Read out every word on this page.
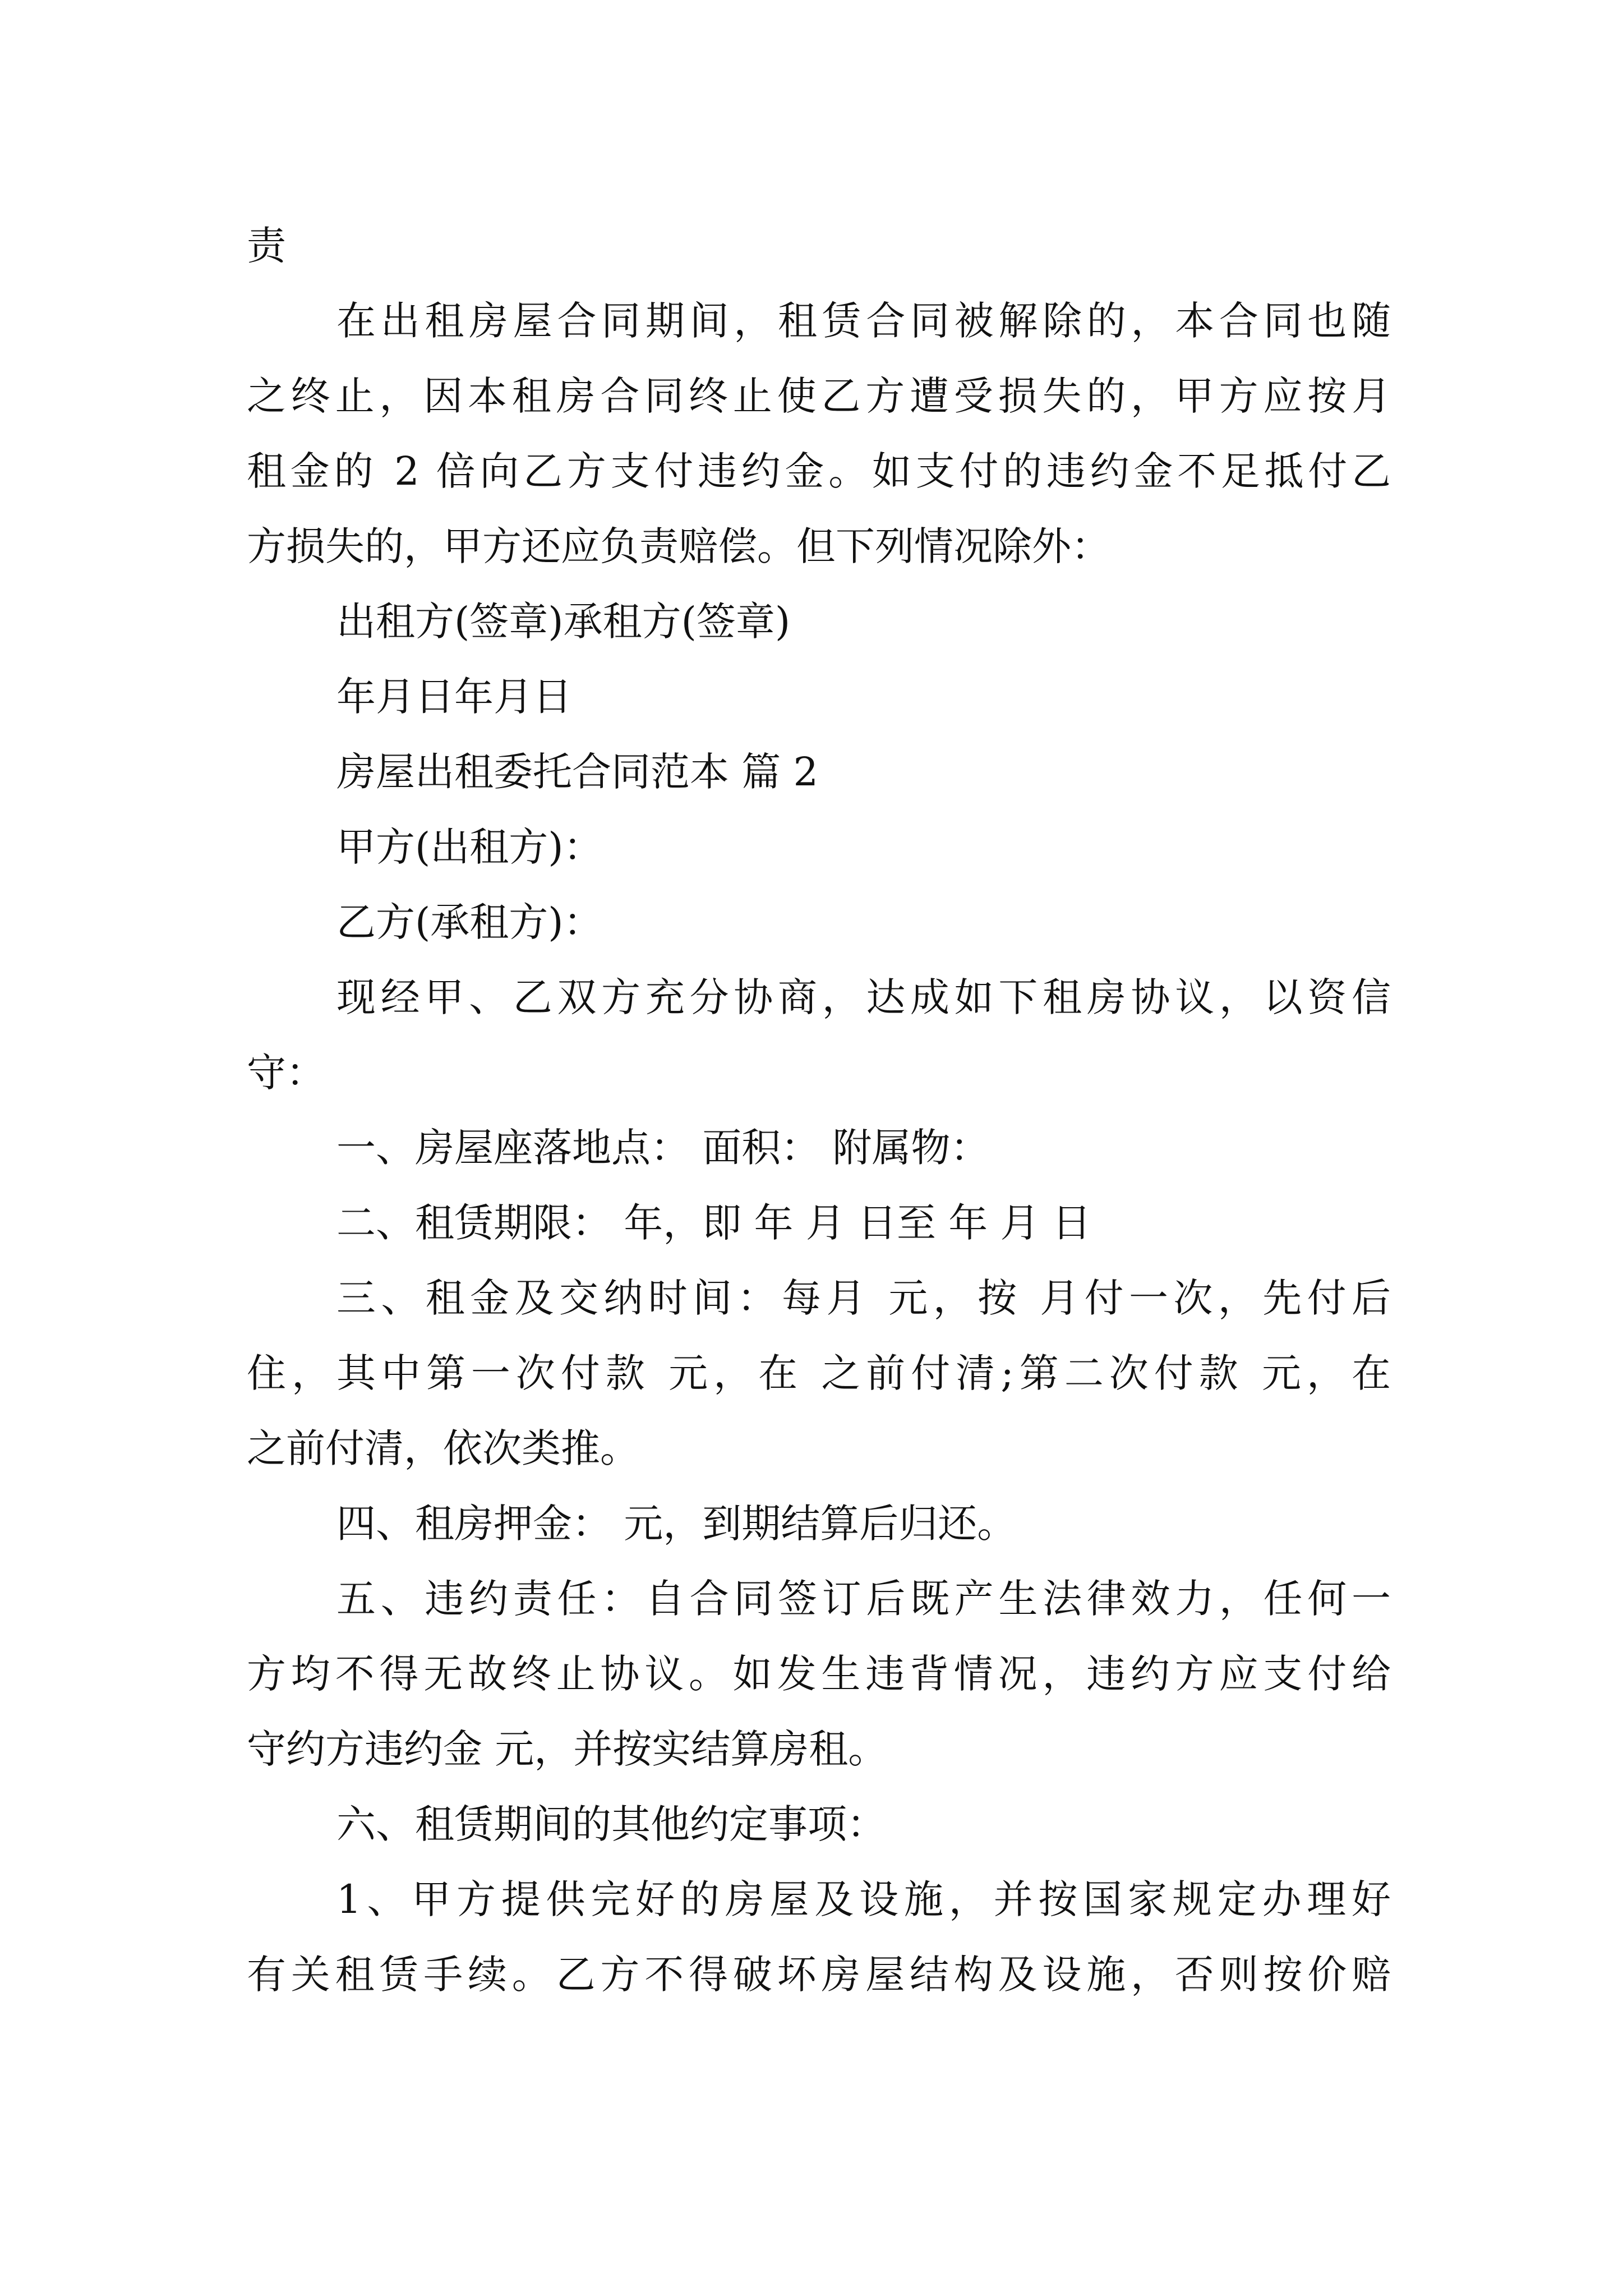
责
在出租房屋合同期间，租赁合同被解除的，本合同也随
之终止，因本租房合同终止使乙方遭受损失的，甲方应按月
租金的 2 倍向乙方支付违约金。如支付的违约金不足抵付乙
方损失的，甲方还应负责赔偿。但下列情况除外：
出租方(签章)承租方(签章)
年月日年月日
房屋出租委托合同范本 篇 2
甲方(出租方)：
乙方(承租方)：
现经甲、乙双方充分协商，达成如下租房协议，以资信
守：
一、房屋座落地点： 面积： 附属物：
二、租赁期限： 年，即 年 月 日至 年 月 日
三、租金及交纳时间：每月 元，按 月付一次，先付后
住，其中第一次付款 元，在 之前付清;第二次付款 元，在
之前付清，依次类推。
四、租房押金： 元，到期结算后归还。
五、违约责任：自合同签订后既产生法律效力，任何一
方均不得无故终止协议。如发生违背情况，违约方应支付给
守约方违约金 元，并按实结算房租。
六、租赁期间的其他约定事项：
1、甲方提供完好的房屋及设施，并按国家规定办理好
有关租赁手续。乙方不得破坏房屋结构及设施，否则按价赔
